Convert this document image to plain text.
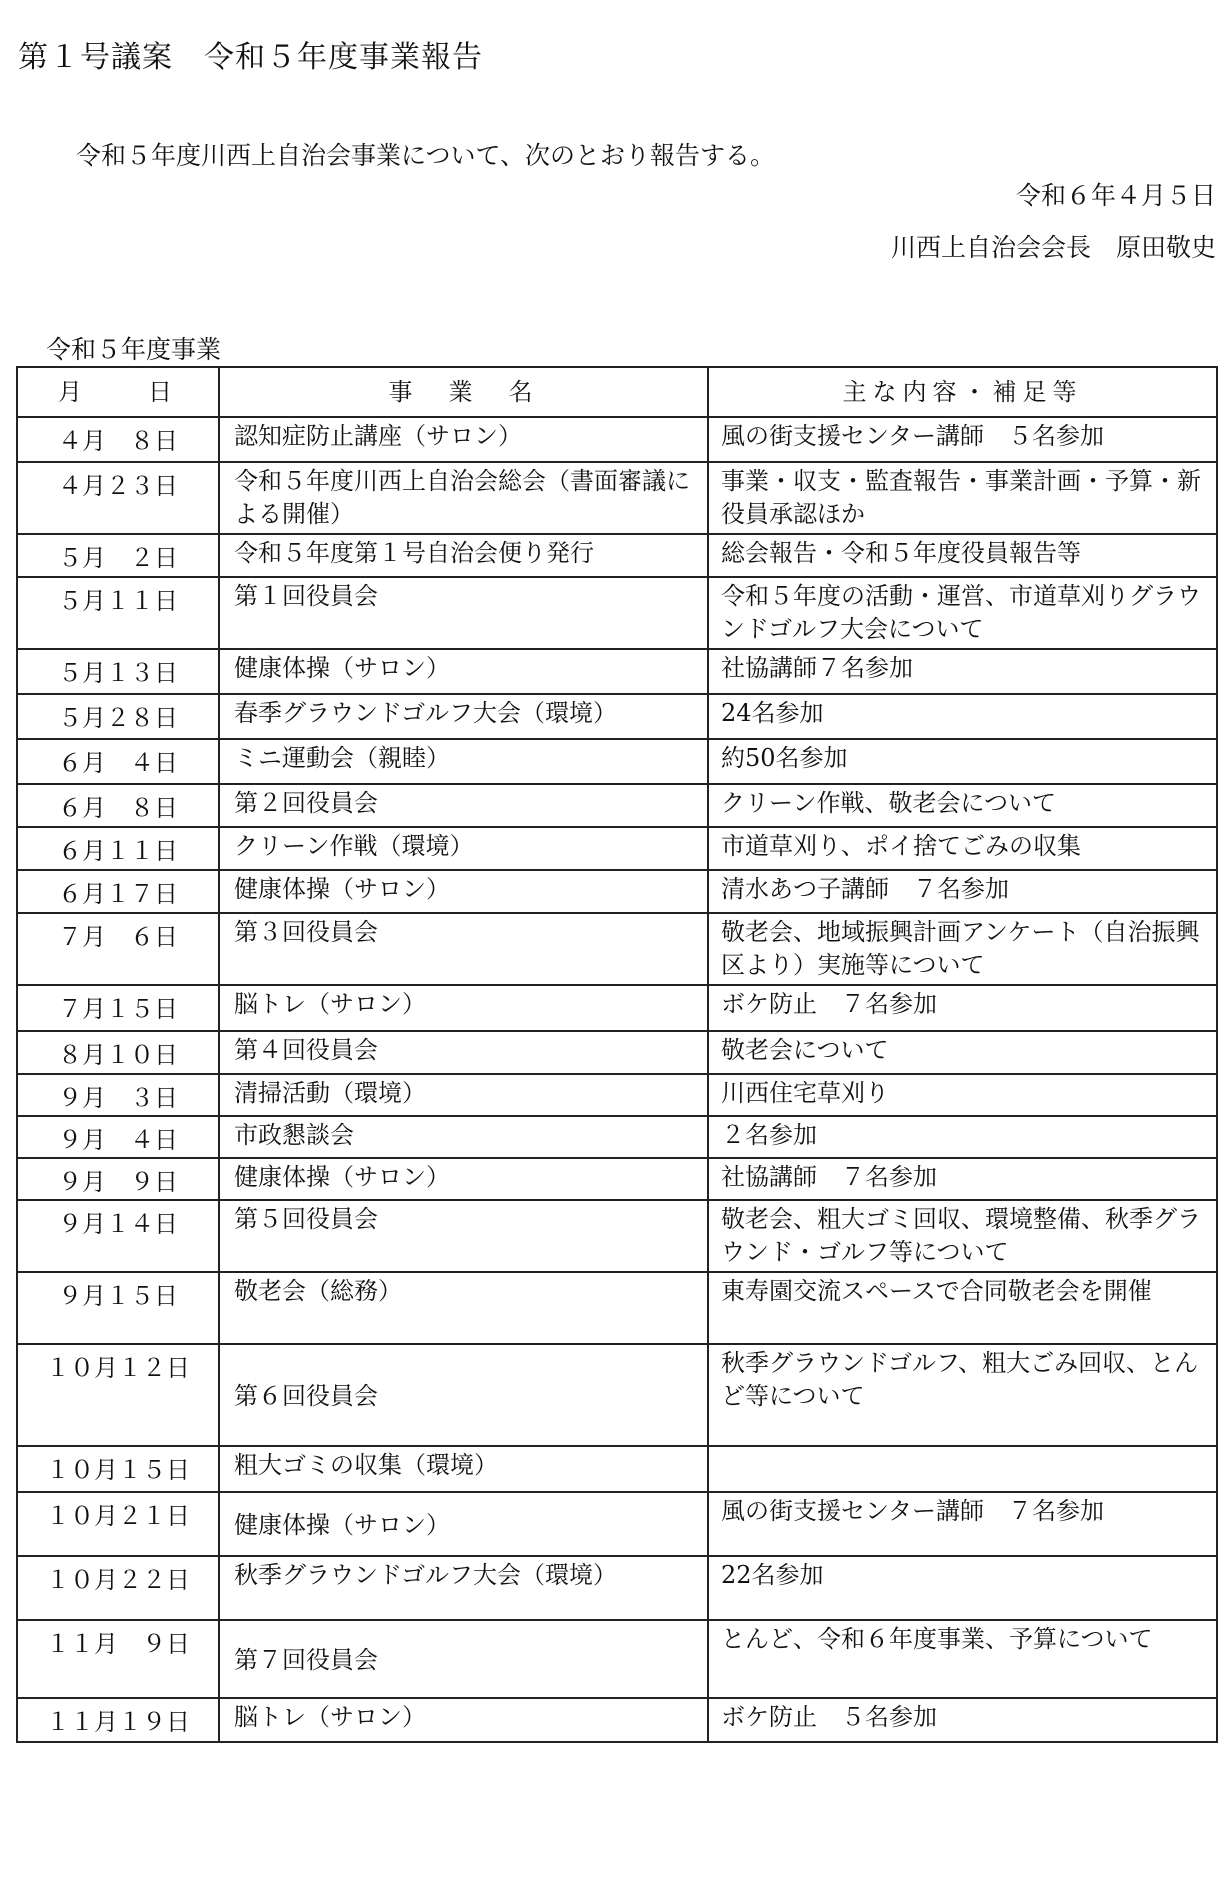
第１号議案　令和５年度事業報告
令和５年度川西上自治会事業について、次のとおり報告する。
令和６年４月５日
川西上自治会会長　原田敬史
令和５年度事業
月　　日	事　業　名	主な内容・補足等
４月　８日	認知症防止講座（サロン）	風の街支援センター講師　５名参加
４月２３日	令和５年度川西上自治会総会（書面審議による開催）	事業・収支・監査報告・事業計画・予算・新役員承認ほか
５月　２日	令和５年度第１号自治会便り発行	総会報告・令和５年度役員報告等
５月１１日	第１回役員会	令和５年度の活動・運営、市道草刈りグラウンドゴルフ大会について
５月１３日	健康体操（サロン）	社協講師７名参加
５月２８日	春季グラウンドゴルフ大会（環境）	24名参加
６月　４日	ミニ運動会（親睦）	約50名参加
６月　８日	第２回役員会	クリーン作戦、敬老会について
６月１１日	クリーン作戦（環境）	市道草刈り、ポイ捨てごみの収集
６月１７日	健康体操（サロン）	清水あつ子講師　７名参加
７月　６日	第３回役員会	敬老会、地域振興計画アンケート（自治振興区より）実施等について
７月１５日	脳トレ（サロン）	ボケ防止　７名参加
８月１０日	第４回役員会	敬老会について
９月　３日	清掃活動（環境）	川西住宅草刈り
９月　４日	市政懇談会	２名参加
９月　９日	健康体操（サロン）	社協講師　７名参加
９月１４日	第５回役員会	敬老会、粗大ゴミ回収、環境整備、秋季グラウンド・ゴルフ等について
９月１５日	敬老会（総務）	東寿園交流スペースで合同敬老会を開催
１０月１２日	第６回役員会	秋季グラウンドゴルフ、粗大ごみ回収、とんど等について
１０月１５日	粗大ゴミの収集（環境）	
１０月２１日	健康体操（サロン）	風の街支援センター講師　７名参加
１０月２２日	秋季グラウンドゴルフ大会（環境）	22名参加
１１月　９日	第７回役員会	とんど、令和６年度事業、予算について
１１月１９日	脳トレ（サロン）	ボケ防止　５名参加
